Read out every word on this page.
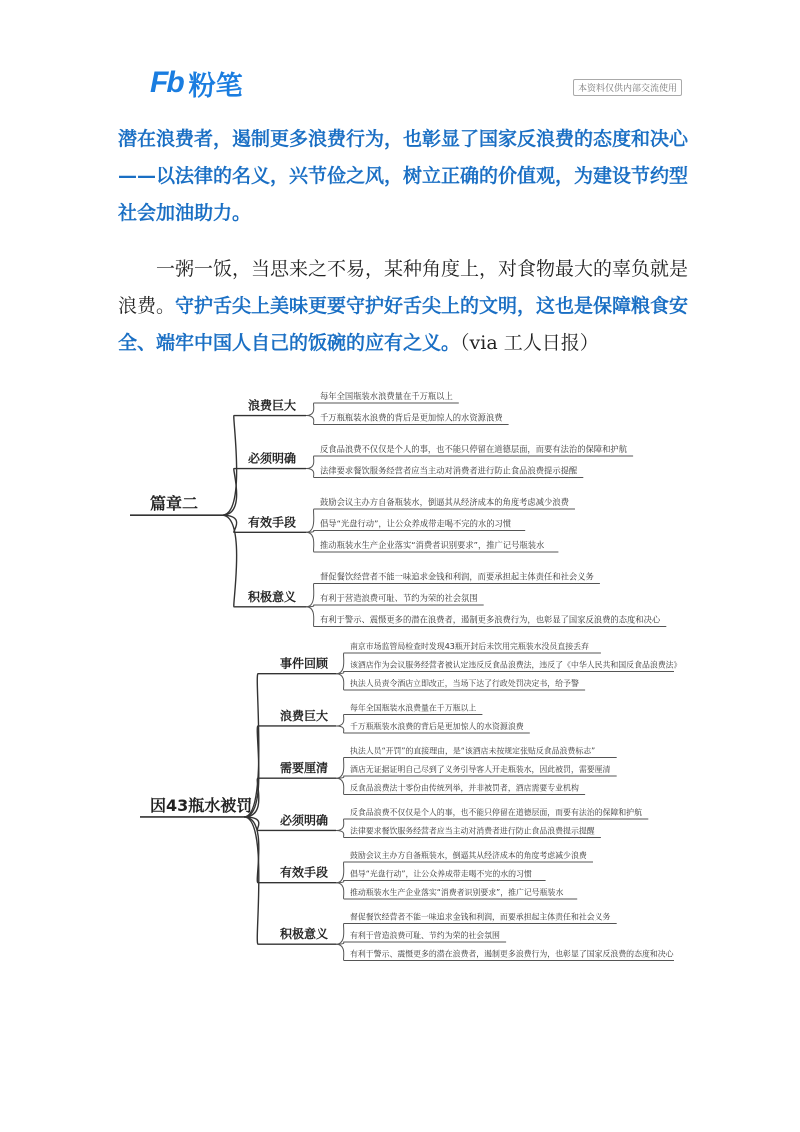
Fb 粉笔	本资料仅供内部交流使用
潜在浪费者，遏制更多浪费行为，也彰显了国家反浪费的态度和决心
——以法律的名义，兴节俭之风，树立正确的价值观，为建设节约型
社会加油助力。
一粥一饭，当思来之不易，某种角度上，对食物最大的辜负就是
浪费。守护舌尖上美味更要守护好舌尖上的文明，这也是保障粮食安
全、端牢中国人自己的饭碗的应有之义。（via 工人日报）
篇章二
浪费巨大
每年全国瓶装水浪费量在千万瓶以上
千万瓶瓶装水浪费的背后是更加惊人的水资源浪费
必须明确
反食品浪费不仅仅是个人的事，也不能只停留在道德层面，而要有法治的保障和护航
法律要求餐饮服务经营者应当主动对消费者进行防止食品浪费提示提醒
有效手段
鼓励会议主办方自备瓶装水，倒逼其从经济成本的角度考虑减少浪费
倡导“光盘行动”，让公众养成带走喝不完的水的习惯
推动瓶装水生产企业落实“消费者识别要求”，推广记号瓶装水
积极意义
督促餐饮经营者不能一味追求金钱和利润，而要承担起主体责任和社会义务
有利于营造浪费可耻、节约为荣的社会氛围
有利于警示、震慑更多的潜在浪费者，遏制更多浪费行为，也彰显了国家反浪费的态度和决心
因43瓶水被罚
事件回顾
南京市场监管局检查时发现43瓶开封后未饮用完瓶装水没员直接丢弃
该酒店作为会议服务经营者被认定违反反食品浪费法，违反了《中华人民共和国反食品浪费法》
执法人员责令酒店立即改正，当场下达了行政处罚决定书，给予警
浪费巨大
每年全国瓶装水浪费量在千万瓶以上
千万瓶瓶装水浪费的背后是更加惊人的水资源浪费
需要厘清
执法人员“开罚”的直接理由，是“该酒店未按规定张贴反食品浪费标志”
酒店无证据证明自己尽到了义务引导客人开走瓶装水，因此被罚，需要厘清
反食品浪费法十零份由传统列举，并非被罚者，酒店需要专业机构
必须明确
反食品浪费不仅仅是个人的事，也不能只停留在道德层面，而要有法治的保障和护航
法律要求餐饮服务经营者应当主动对消费者进行防止食品浪费提示提醒
有效手段
鼓励会议主办方自备瓶装水，倒逼其从经济成本的角度考虑减少浪费
倡导“光盘行动”，让公众养成带走喝不完的水的习惯
推动瓶装水生产企业落实“消费者识别要求”，推广记号瓶装水
积极意义
督促餐饮经营者不能一味追求金钱和利润，而要承担起主体责任和社会义务
有利于营造浪费可耻、节约为荣的社会氛围
有利于警示、震慑更多的潜在浪费者，遏制更多浪费行为，也彰显了国家反浪费的态度和决心
